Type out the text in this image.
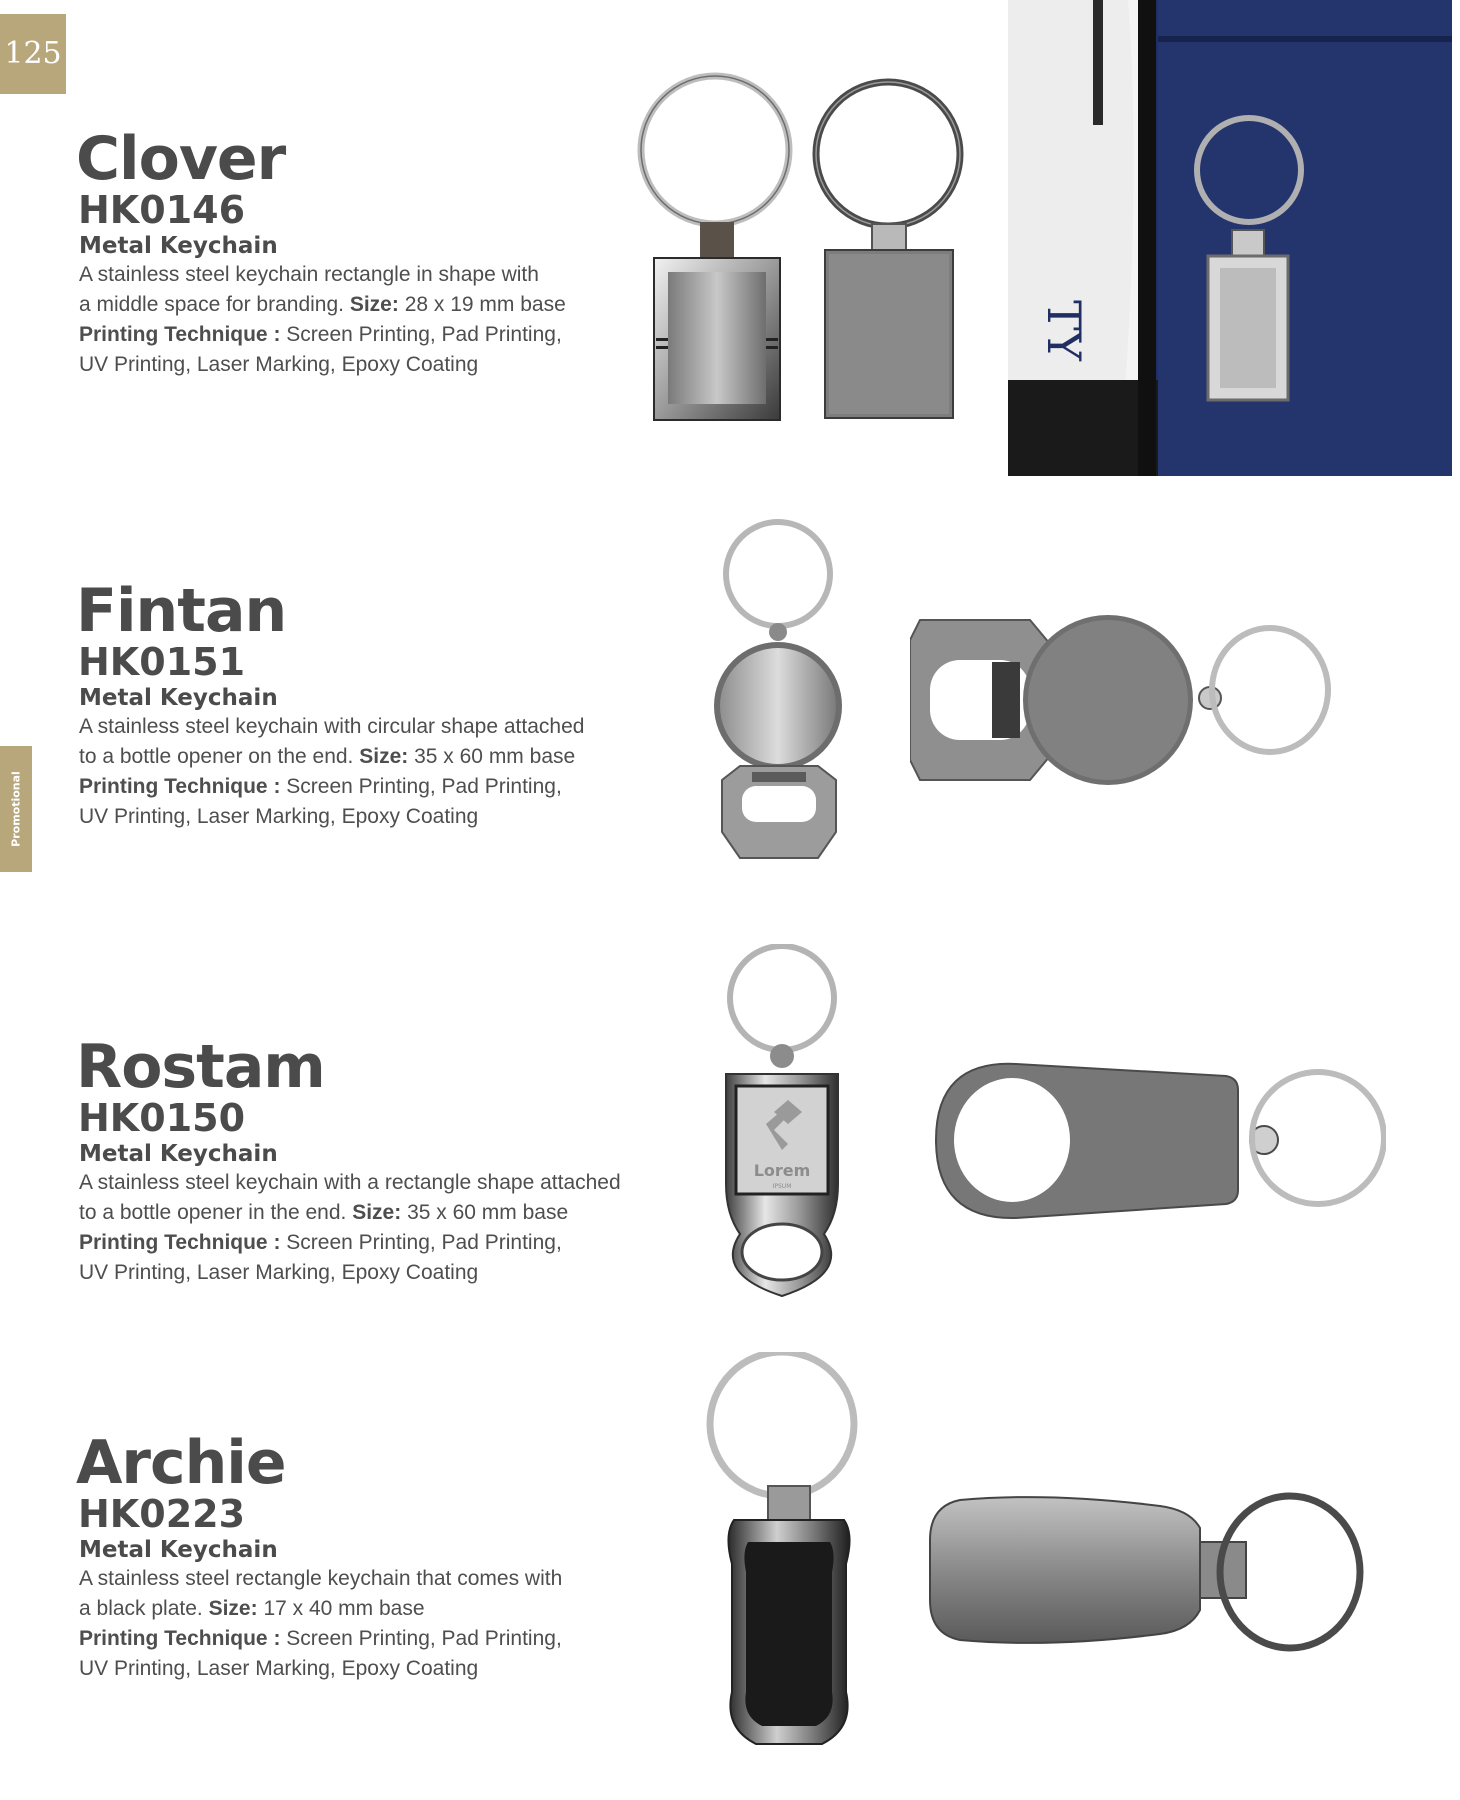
125
Promotional
Clover
HK0146
Metal Keychain
A stainless steel keychain rectangle in shape with
a middle space for branding. Size: 28 x 19 mm base
Printing Technique : Screen Printing, Pad Printing,
UV Printing, Laser Marking, Epoxy Coating
Fintan
HK0151
Metal Keychain
A stainless steel keychain with circular shape attached
to a bottle opener on the end. Size: 35 x 60 mm base
Printing Technique : Screen Printing, Pad Printing,
UV Printing, Laser Marking, Epoxy Coating
Rostam
HK0150
Metal Keychain
A stainless steel keychain with a rectangle shape attached
to a bottle opener in the end. Size: 35 x 60 mm base
Printing Technique : Screen Printing, Pad Printing,
UV Printing, Laser Marking, Epoxy Coating
Archie
HK0223
Metal Keychain
A stainless steel rectangle keychain that comes with
a black plate. Size: 17 x 40 mm base
Printing Technique : Screen Printing, Pad Printing,
UV Printing, Laser Marking, Epoxy Coating
TY
Lorem
IPSUM
